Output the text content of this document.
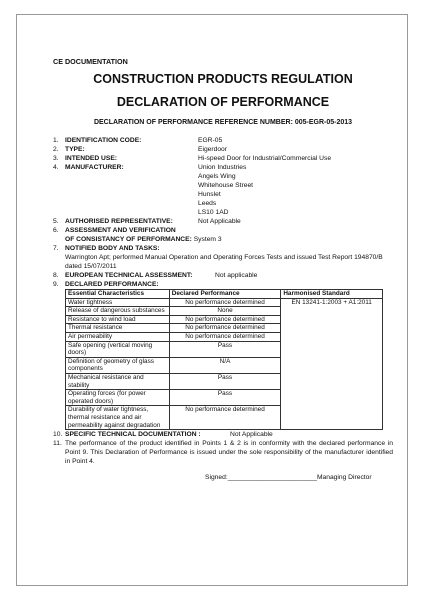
CE DOCUMENTATION
CONSTRUCTION PRODUCTS REGULATION
DECLARATION OF PERFORMANCE
DECLARATION OF PERFORMANCE REFERENCE NUMBER: 005-EGR-05-2013
1. IDENTIFICATION CODE:	EGR-05
2. TYPE:	Eigerdoor
3. INTENDED USE:	Hi-speed Door for Industrial/Commercial Use
4. MANUFACTURER:	Union Industries
Angels Wing
Whitehouse Street
Hunslet
Leeds
LS10 1AD
5. AUTHORISED REPRESENTATIVE:	Not Applicable
6. ASSESSMENT AND VERIFICATION
OF CONSISTANCY OF PERFORMANCE: System 3
7. NOTIFIED BODY AND TASKS:
Warrington Apt; performed Manual Operation and Operating Forces Tests and issued Test Report 194870/B dated 15/07/2011
8. EUROPEAN TECHNICAL ASSESSMENT:	Not applicable
9. DECLARED PERFORMANCE:
Essential Characteristics	Declared Performance	Harmonised Standard
Water tightness	No performance determined	EN 13241-1:2003 + A1:2011
Release of dangerous substances	None	
Resistance to wind load	No performance determined	
Thermal resistance	No performance determined	
Air permeability	No performance determined	
Safe opening (vertical moving doors)	Pass	
Definition of geometry of glass components	N/A	
Mechanical resistance and stability	Pass	
Operating forces (for power operated doors)	Pass	
Durability of water tightness, thermal resistance and air permeability against degradation	No performance determined	
10. SPECIFIC TECHNICAL DOCUMENTATION :	Not Applicable
11. The performance of the product identified in Points 1 & 2 is in conformity with the declared performance in Point 9. This Declaration of Performance is issued under the sole responsibility of the manufacturer identified in Point 4.
Signed:________________________Managing Director
